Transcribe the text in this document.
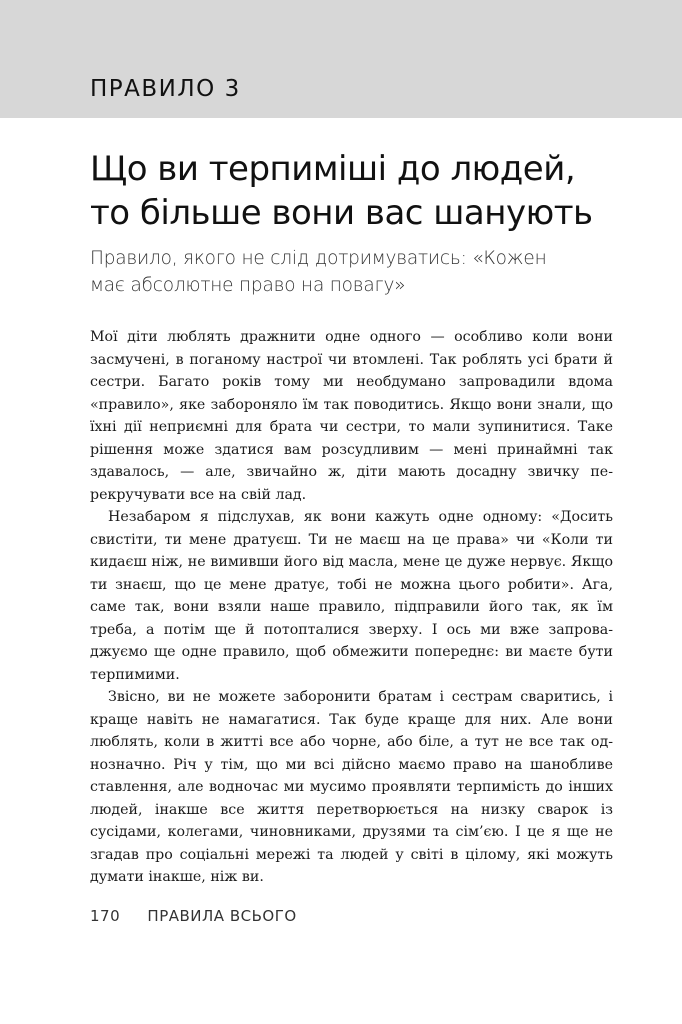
ПРАВИЛО 3
Що ви терпиміші до людей,
то більше вони вас шанують
Правило, якого не слід дотримуватись: «Кожен
має абсолютне право на повагу»

Мої діти люблять дражнити одне одного — особливо коли вони засмучені, в поганому настрої чи втомлені. Так роблять усі брати й сестри. Багато років тому ми необдумано запровадили вдома «правило», яке забороняло їм так поводитись. Якщо вони знали, що їхні дії неприємні для брата чи сестри, то мали зупинитися. Таке рішення може здатися вам розсудливим — мені принаймні так здавалось, — але, звичайно ж, діти мають досадну звичку перекручувати все на свій лад.

Незабаром я підслухав, як вони кажуть одне одному: «Досить свистіти, ти мене дратуєш. Ти не маєш на це права» чи «Коли ти кидаєш ніж, не вимивши його від масла, мене це дуже нервує. Якщо ти знаєш, що це мене дратує, тобі не можна цього робити». Ага, саме так, вони взяли наше правило, підправили його так, як їм треба, а потім ще й потопталися зверху. І ось ми вже запроваджуємо ще одне правило, щоб обмежити попереднє: ви маєте бути терпимими.

Звісно, ви не можете заборонити братам і сестрам сваритись, і краще навіть не намагатися. Так буде краще для них. Але вони люблять, коли в житті все або чорне, або біле, а тут не все так однозначно. Річ у тім, що ми всі дійсно маємо право на шанобливе ставлення, але водночас ми мусимо проявляти терпимість до інших людей, інакше все життя перетворюється на низку сварок із сусідами, колегами, чиновниками, друзями та сім’єю. І це я ще не згадав про соціальні мережі та людей у світі в цілому, які можуть думати інакше, ніж ви.

170 ПРАВИЛА ВСЬОГО
